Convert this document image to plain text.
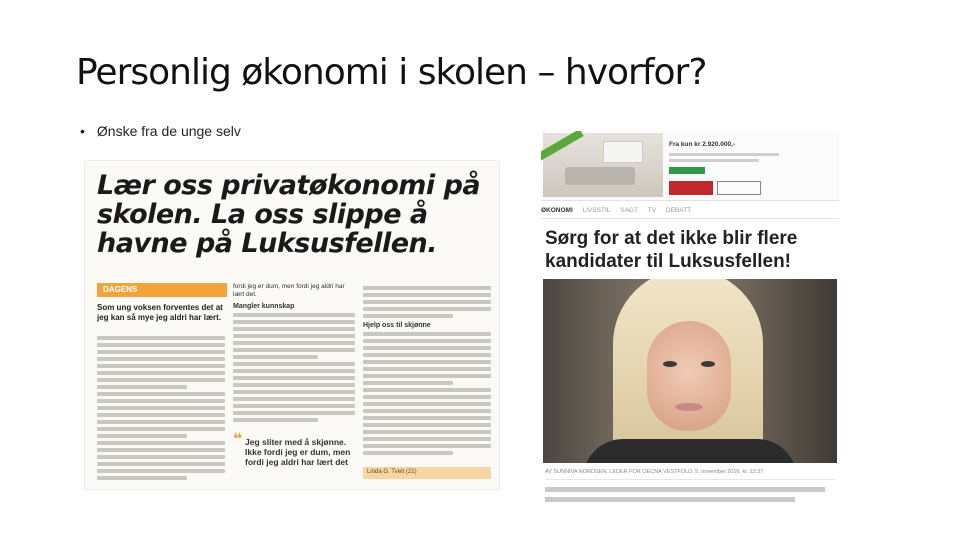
Personlig økonomi i skolen – hvorfor?
• Ønske fra de unge selv
Lær oss privatøkonomi på skolen. La oss slippe å havne på Luksusfellen.
DAGENS
Som ung voksen forventes det at jeg kan så mye jeg aldri har lært.
fordi jeg er dum, men fordi jeg aldri har lært det.
Mangler kunnskap
❝ Jeg sliter med å skjønne. Ikke fordi jeg er dum, men fordi jeg aldri har lært det
Hjelp oss til skjønne
Linda G. Tveit (21)
Fra kun kr 2.920.000,-
ØKONOMI LIVSSTIL SAGT TV DEBATT
Sørg for at det ikke blir flere kandidater til Luksusfellen!
AV SUNNIVA NORDSEN, LEDER FOR OECNA VESTFOLD, 5. november 2016, kl. 12:37
